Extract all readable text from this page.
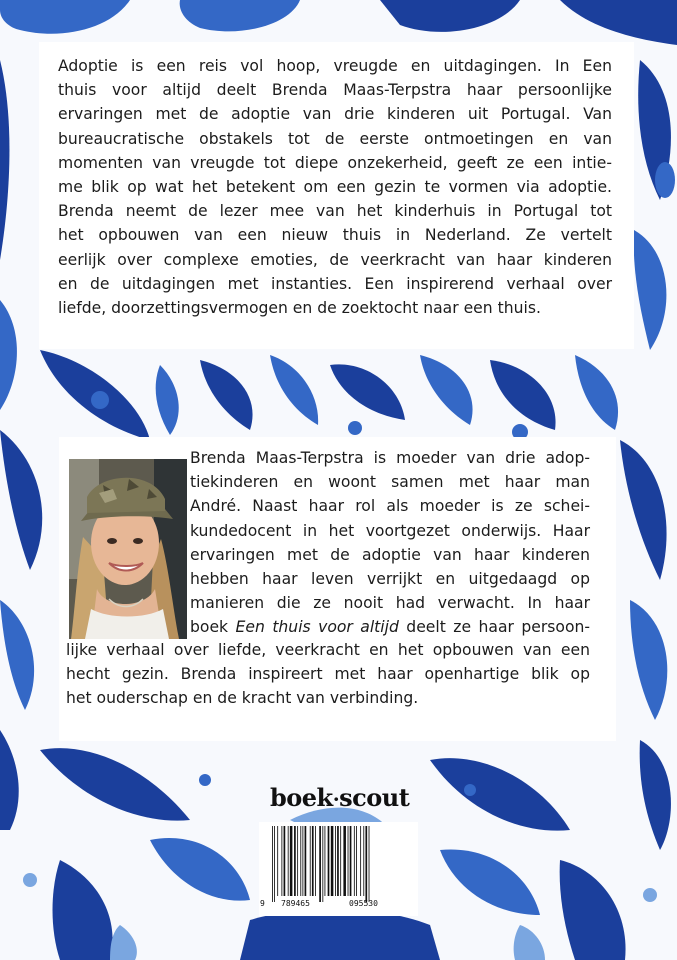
Adoptie is een reis vol hoop, vreugde en uitdagingen. In Een
thuis voor altijd deelt Brenda Maas-Terpstra haar persoonlijke
ervaringen met de adoptie van drie kinderen uit Portugal. Van
bureaucratische obstakels tot de eerste ontmoetingen en van
momenten van vreugde tot diepe onzekerheid, geeft ze een intie-
me blik op wat het betekent om een gezin te vormen via adoptie.
Brenda neemt de lezer mee van het kinderhuis in Portugal tot
het opbouwen van een nieuw thuis in Nederland. Ze vertelt
eerlijk over complexe emoties, de veerkracht van haar kinderen
en de uitdagingen met instanties. Een inspirerend verhaal over
liefde, doorzettingsvermogen en de zoektocht naar een thuis.
Brenda Maas-Terpstra is moeder van drie adop-
tiekinderen en woont samen met haar man
André. Naast haar rol als moeder is ze schei-
kundedocent in het voortgezet onderwijs. Haar
ervaringen met de adoptie van haar kinderen
hebben haar leven verrijkt en uitgedaagd op
manieren die ze nooit had verwacht. In haar
boek Een thuis voor altijd deelt ze haar persoon-
lijke verhaal over liefde, veerkracht en het opbouwen van een
hecht gezin. Brenda inspireert met haar openhartige blik op
het ouderschap en de kracht van verbinding.
boek·scout
9 789465	095530
